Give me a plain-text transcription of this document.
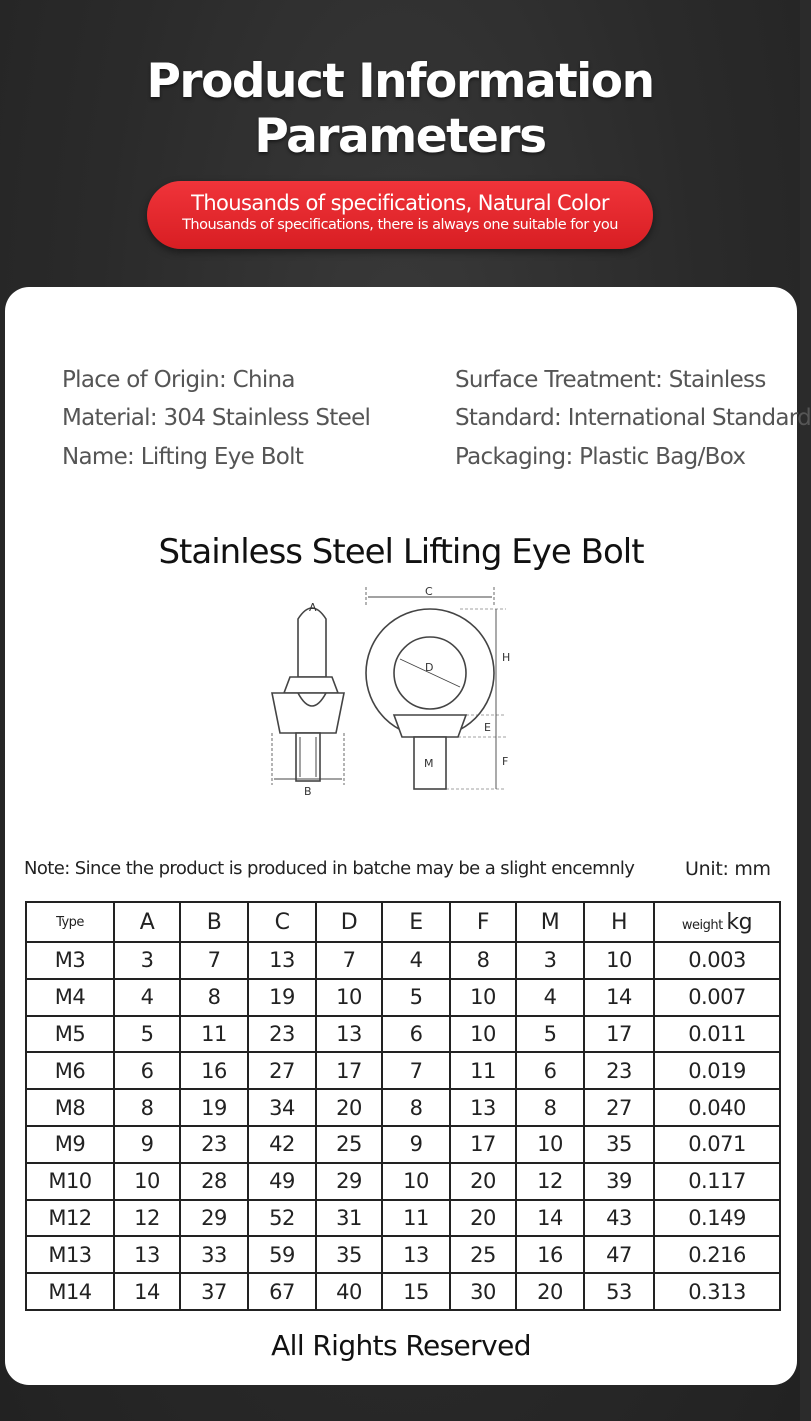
Product Information Parameters
Thousands of specifications, Natural Color
Thousands of specifications, there is always one suitable for you
Place of Origin: China
Material: 304 Stainless Steel
Name: Lifting Eye Bolt
Surface Treatment: Stainless
Standard: International Standard
Packaging: Plastic Bag/Box
Stainless Steel Lifting Eye Bolt
A
B
C
D
H
E
F
M
Note: Since the product is produced in batche may be a slight encemnly	Unit: mm
Type	A	B	C	D	E	F	M	H	weight kg
M3	3	7	13	7	4	8	3	10	0.003
M4	4	8	19	10	5	10	4	14	0.007
M5	5	11	23	13	6	10	5	17	0.011
M6	6	16	27	17	7	11	6	23	0.019
M8	8	19	34	20	8	13	8	27	0.040
M9	9	23	42	25	9	17	10	35	0.071
M10	10	28	49	29	10	20	12	39	0.117
M12	12	29	52	31	11	20	14	43	0.149
M13	13	33	59	35	13	25	16	47	0.216
M14	14	37	67	40	15	30	20	53	0.313
All Rights Reserved
